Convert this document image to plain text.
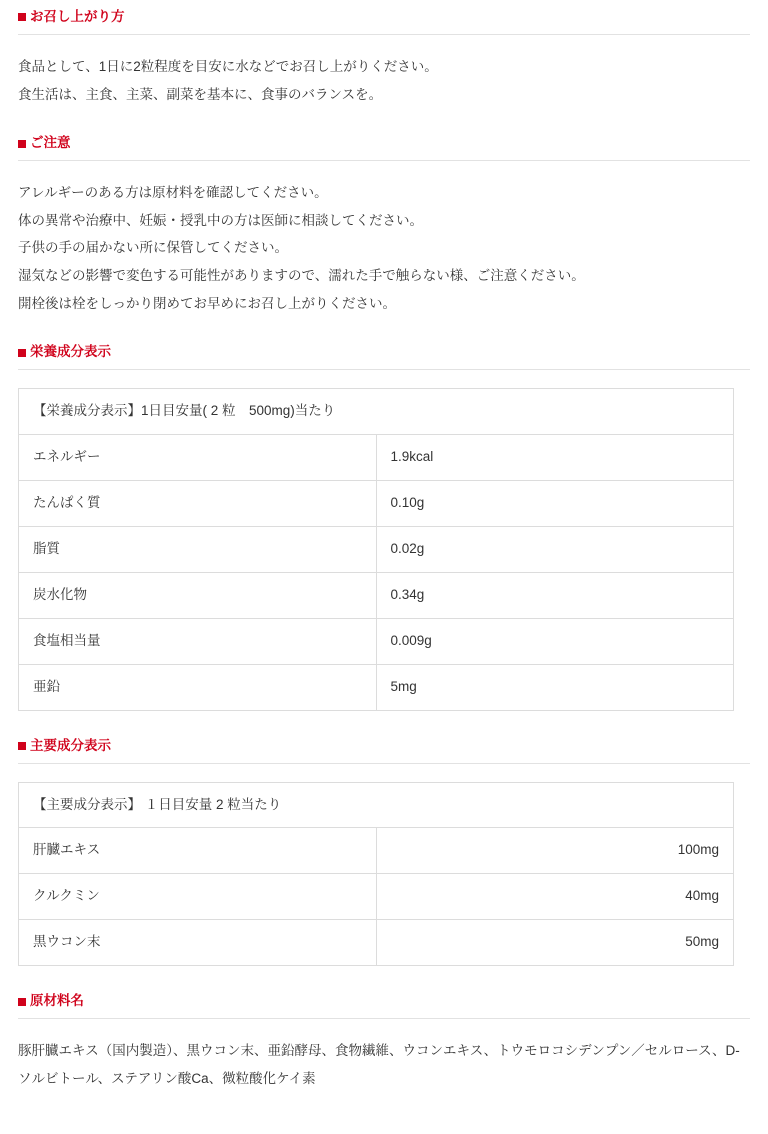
お召し上がり方

食品として、1日に2粒程度を目安に水などでお召し上がりください。

食生活は、主食、主菜、副菜を基本に、食事のバランスを。

ご注意

アレルギーのある方は原材料を確認してください。

体の異常や治療中、妊娠・授乳中の方は医師に相談してください。

子供の手の届かない所に保管してください。

湿気などの影響で変色する可能性がありますので、濡れた手で触らない様、ご注意ください。

開栓後は栓をしっかり閉めてお早めにお召し上がりください。

栄養成分表示
【栄養成分表示】1日目安量( 2 粒　500mg)当たり	
エネルギー	1.9kcal
たんぱく質	0.10g
脂質	0.02g
炭水化物	0.34g
食塩相当量	0.009g
亜鉛	5mg
主要成分表示
【主要成分表示】 １日目安量 2 粒当たり	
肝臓エキス	100mg
クルクミン	40mg
黒ウコン末	50mg
原材料名

豚肝臓エキス（国内製造）、黒ウコン末、亜鉛酵母、食物繊維、ウコンエキス、トウモロコシデンプン／セルロース、D-ソルビトール、ステアリン酸Ca、微粒酸化ケイ素
